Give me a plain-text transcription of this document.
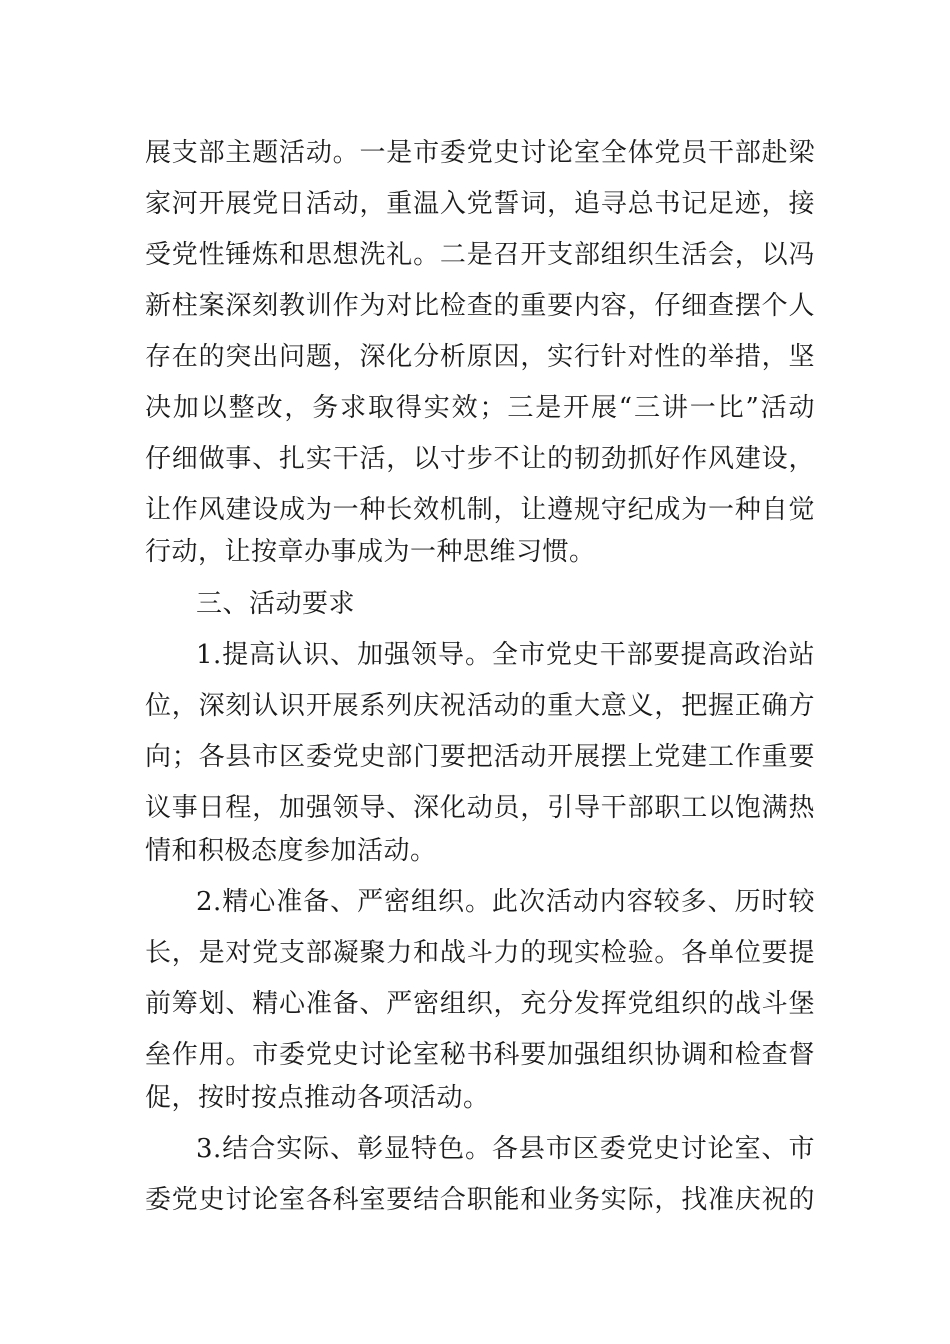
展支部主题活动。一是市委党史讨论室全体党员干部赴梁
家河开展党日活动，重温入党誓词，追寻总书记足迹，接
受党性锤炼和思想洗礼。二是召开支部组织生活会，以冯
新柱案深刻教训作为对比检查的重要内容，仔细查摆个人
存在的突出问题，深化分析原因，实行针对性的举措，坚
决加以整改，务求取得实效；三是开展“三讲一比”活动
仔细做事、扎实干活，以寸步不让的韧劲抓好作风建设，
让作风建设成为一种长效机制，让遵规守纪成为一种自觉
行动，让按章办事成为一种思维习惯。
三、活动要求
1.提高认识、加强领导。全市党史干部要提高政治站
位，深刻认识开展系列庆祝活动的重大意义，把握正确方
向；各县市区委党史部门要把活动开展摆上党建工作重要
议事日程，加强领导、深化动员，引导干部职工以饱满热
情和积极态度参加活动。
2.精心准备、严密组织。此次活动内容较多、历时较
长，是对党支部凝聚力和战斗力的现实检验。各单位要提
前筹划、精心准备、严密组织，充分发挥党组织的战斗堡
垒作用。市委党史讨论室秘书科要加强组织协调和检查督
促，按时按点推动各项活动。
3.结合实际、彰显特色。各县市区委党史讨论室、市
委党史讨论室各科室要结合职能和业务实际，找准庆祝的
